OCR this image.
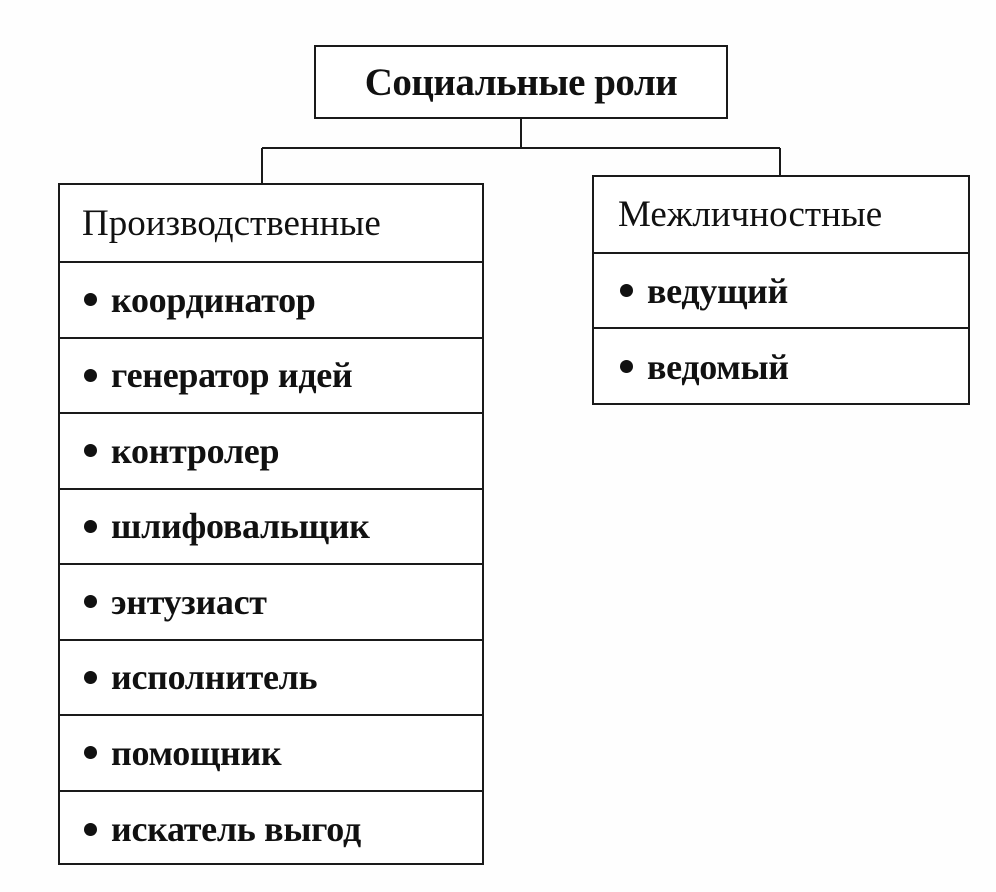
Социальные роли
Производственные
координатор
генератор идей
контролер
шлифовальщик
энтузиаст
исполнитель
помощник
искатель выгод
Межличностные
ведущий
ведомый
